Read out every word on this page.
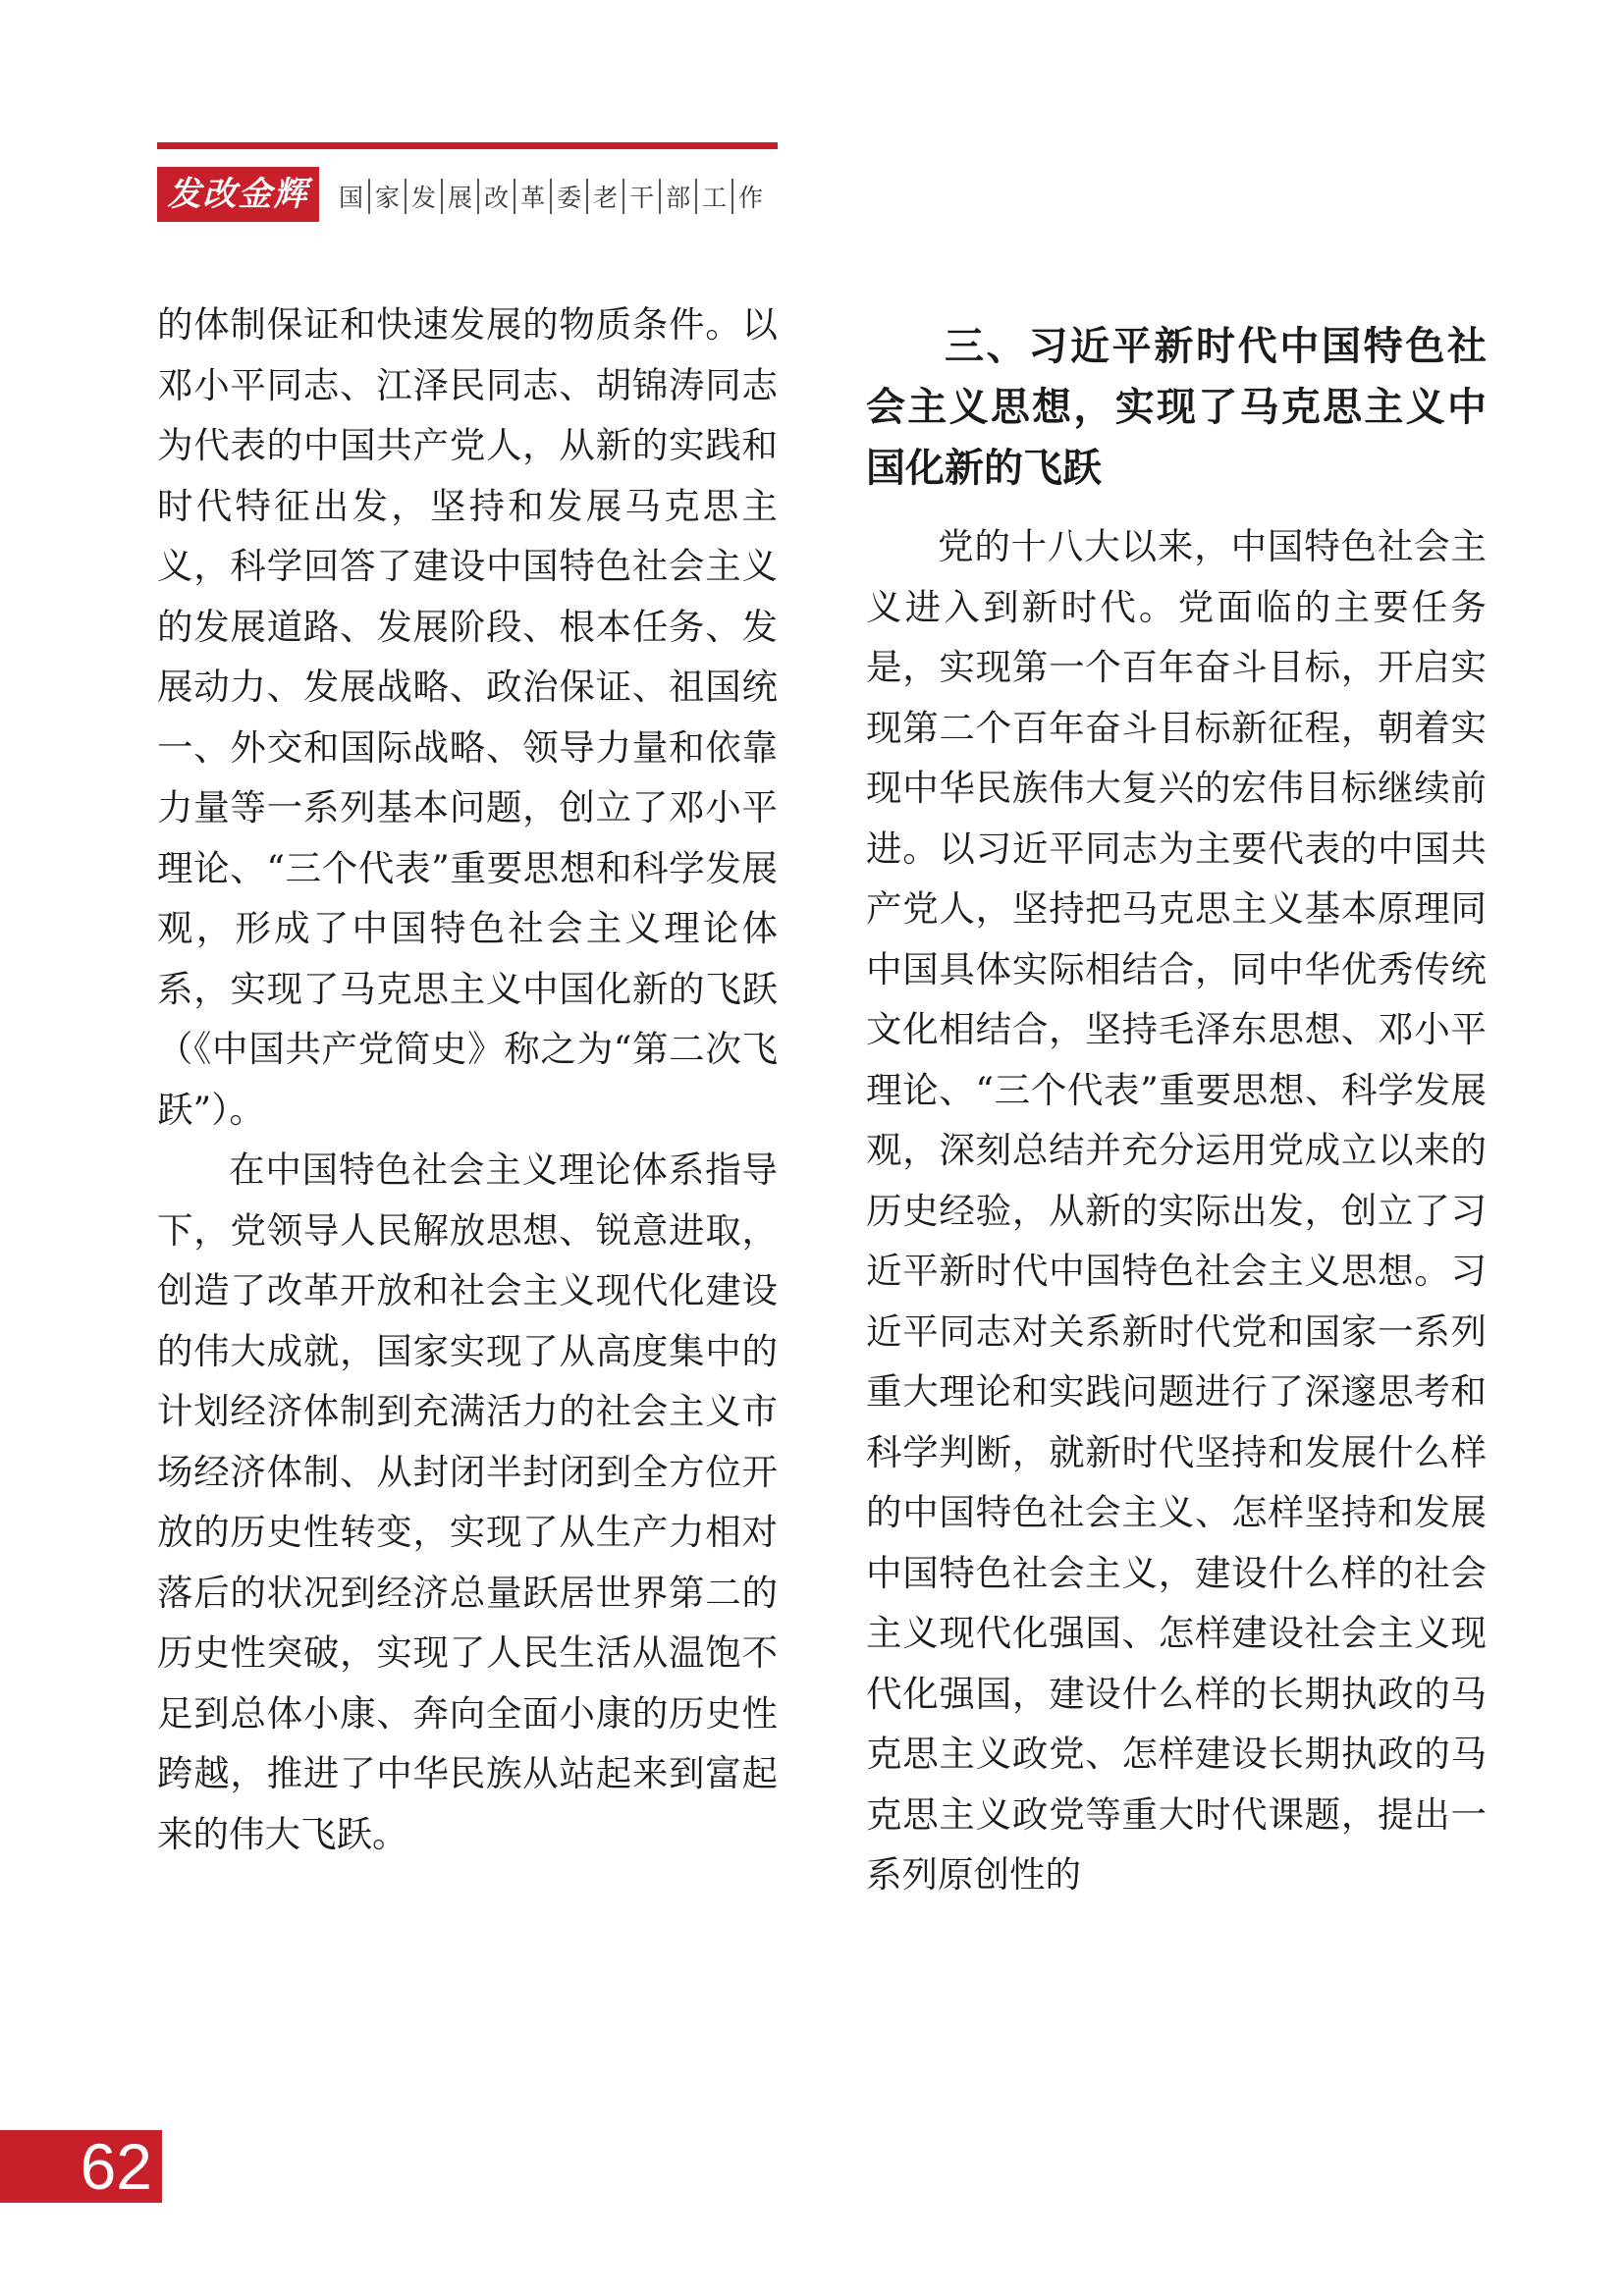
发改金辉	国 家 发 展 改 革 委 老 干 部 工 作

的体制保证和快速发展的物质条件。以邓小平同志、江泽民同志、胡锦涛同志为代表的中国共产党人，从新的实践和时代特征出发，坚持和发展马克思主义，科学回答了建设中国特色社会主义的发展道路、发展阶段、根本任务、发展动力、发展战略、政治保证、祖国统一、外交和国际战略、领导力量和依靠力量等一系列基本问题，创立了邓小平理论、“三个代表”重要思想和科学发展观，形成了中国特色社会主义理论体系，实现了马克思主义中国化新的飞跃（《中国共产党简史》称之为“第二次飞跃”）。

在中国特色社会主义理论体系指导下，党领导人民解放思想、锐意进取，创造了改革开放和社会主义现代化建设的伟大成就，国家实现了从高度集中的计划经济体制到充满活力的社会主义市场经济体制、从封闭半封闭到全方位开放的历史性转变，实现了从生产力相对落后的状况到经济总量跃居世界第二的历史性突破，实现了人民生活从温饱不足到总体小康、奔向全面小康的历史性跨越，推进了中华民族从站起来到富起来的伟大飞跃。

三、习近平新时代中国特色社会主义思想，实现了马克思主义中国化新的飞跃

党的十八大以来，中国特色社会主义进入到新时代。党面临的主要任务是，实现第一个百年奋斗目标，开启实现第二个百年奋斗目标新征程，朝着实现中华民族伟大复兴的宏伟目标继续前进。以习近平同志为主要代表的中国共产党人，坚持把马克思主义基本原理同中国具体实际相结合，同中华优秀传统文化相结合，坚持毛泽东思想、邓小平理论、“三个代表”重要思想、科学发展观，深刻总结并充分运用党成立以来的历史经验，从新的实际出发，创立了习近平新时代中国特色社会主义思想。习近平同志对关系新时代党和国家一系列重大理论和实践问题进行了深邃思考和科学判断，就新时代坚持和发展什么样的中国特色社会主义、怎样坚持和发展中国特色社会主义，建设什么样的社会主义现代化强国、怎样建设社会主义现代化强国，建设什么样的长期执政的马克思主义政党、怎样建设长期执政的马克思主义政党等重大时代课题，提出一系列原创性的

62
